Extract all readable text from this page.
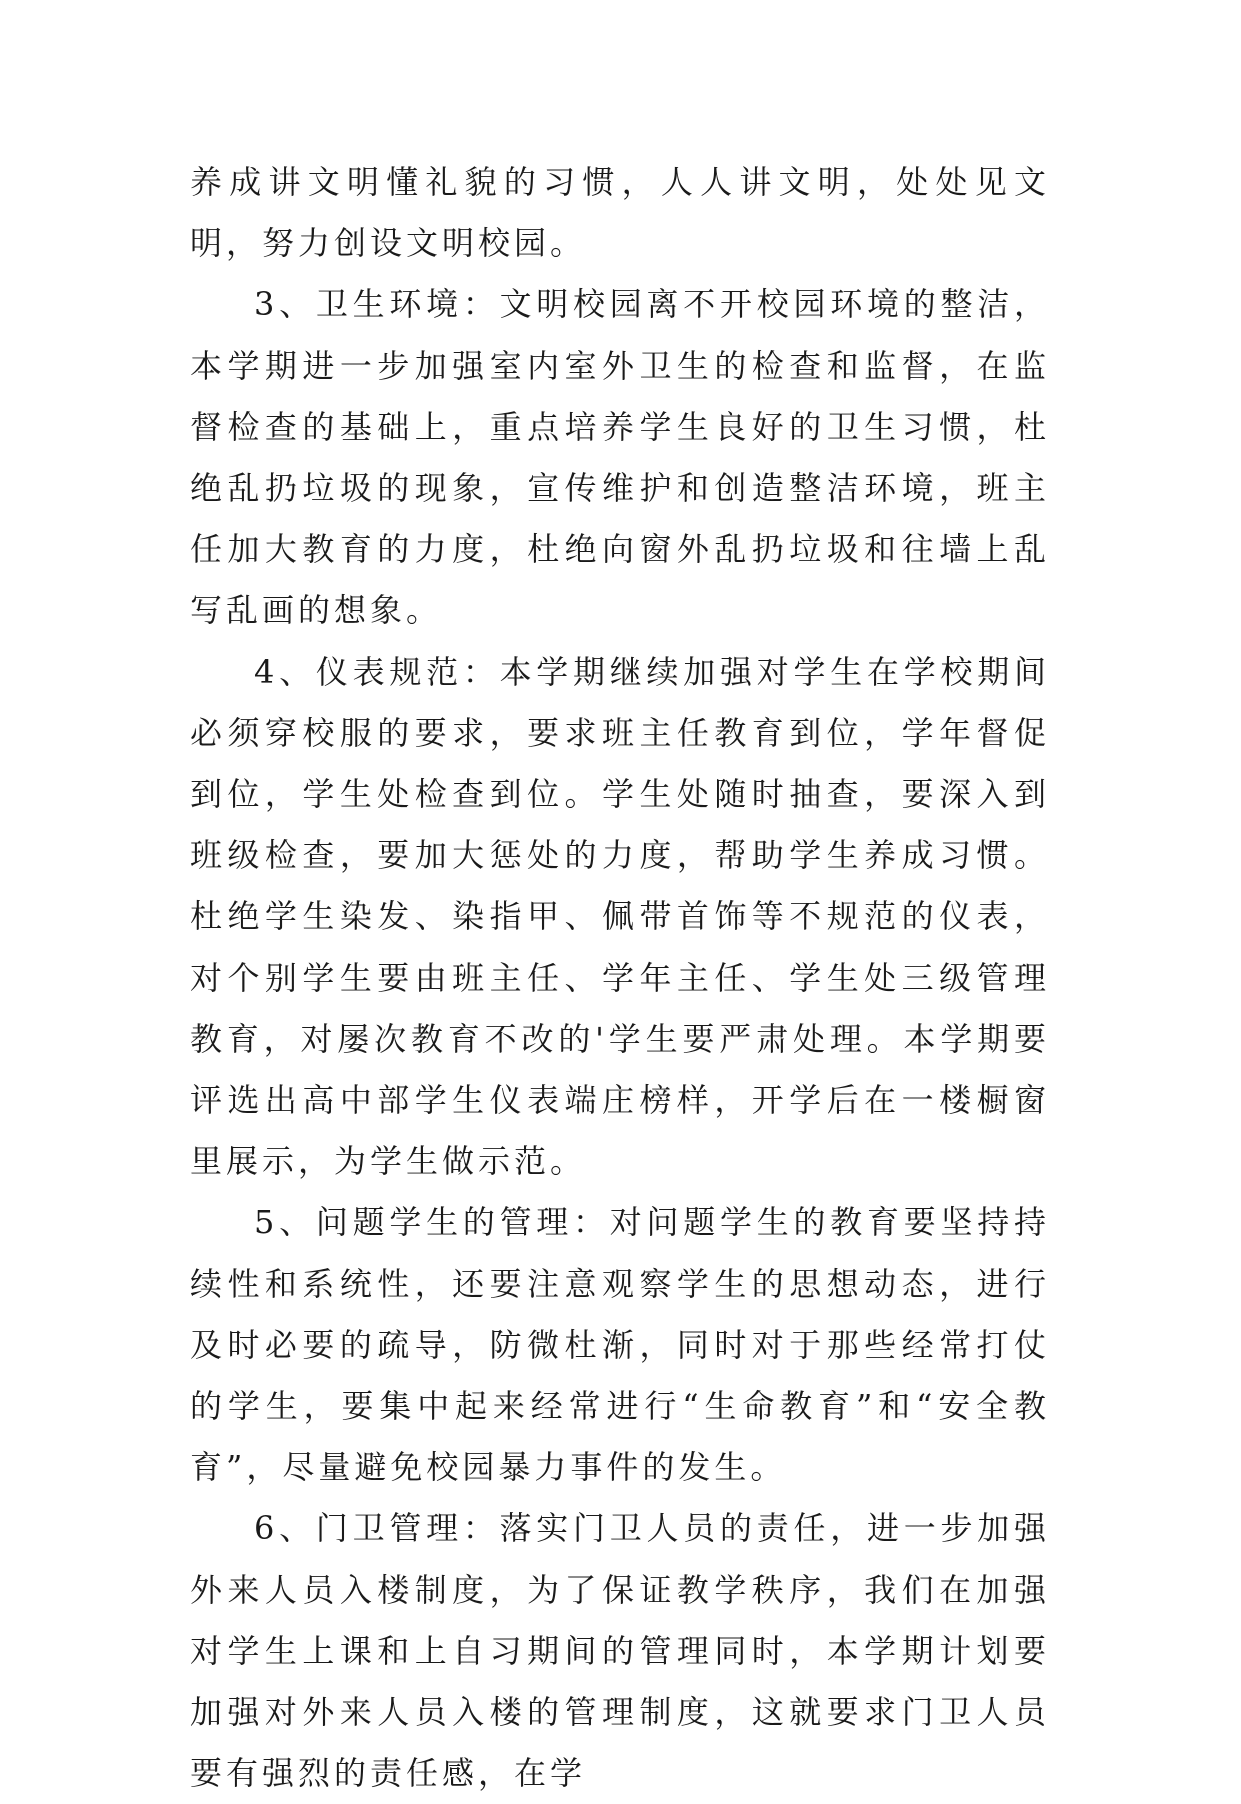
养成讲文明懂礼貌的习惯，人人讲文明，处处见文明，努力创设文明校园。

3、卫生环境：文明校园离不开校园环境的整洁，本学期进一步加强室内室外卫生的检查和监督，在监督检查的基础上，重点培养学生良好的卫生习惯，杜绝乱扔垃圾的现象，宣传维护和创造整洁环境，班主任加大教育的力度，杜绝向窗外乱扔垃圾和往墙上乱写乱画的想象。

4、仪表规范：本学期继续加强对学生在学校期间必须穿校服的要求，要求班主任教育到位，学年督促到位，学生处检查到位。学生处随时抽查，要深入到班级检查，要加大惩处的力度，帮助学生养成习惯。杜绝学生染发、染指甲、佩带首饰等不规范的仪表，对个别学生要由班主任、学年主任、学生处三级管理教育，对屡次教育不改的'学生要严肃处理。本学期要评选出高中部学生仪表端庄榜样，开学后在一楼橱窗里展示，为学生做示范。

5、问题学生的管理：对问题学生的教育要坚持持续性和系统性，还要注意观察学生的思想动态，进行及时必要的疏导，防微杜渐，同时对于那些经常打仗的学生，要集中起来经常进行“生命教育”和“安全教育”，尽量避免校园暴力事件的发生。

6、门卫管理：落实门卫人员的责任，进一步加强外来人员入楼制度，为了保证教学秩序，我们在加强对学生上课和上自习期间的管理同时，本学期计划要加强对外来人员入楼的管理制度，这就要求门卫人员要有强烈的责任感，在学
